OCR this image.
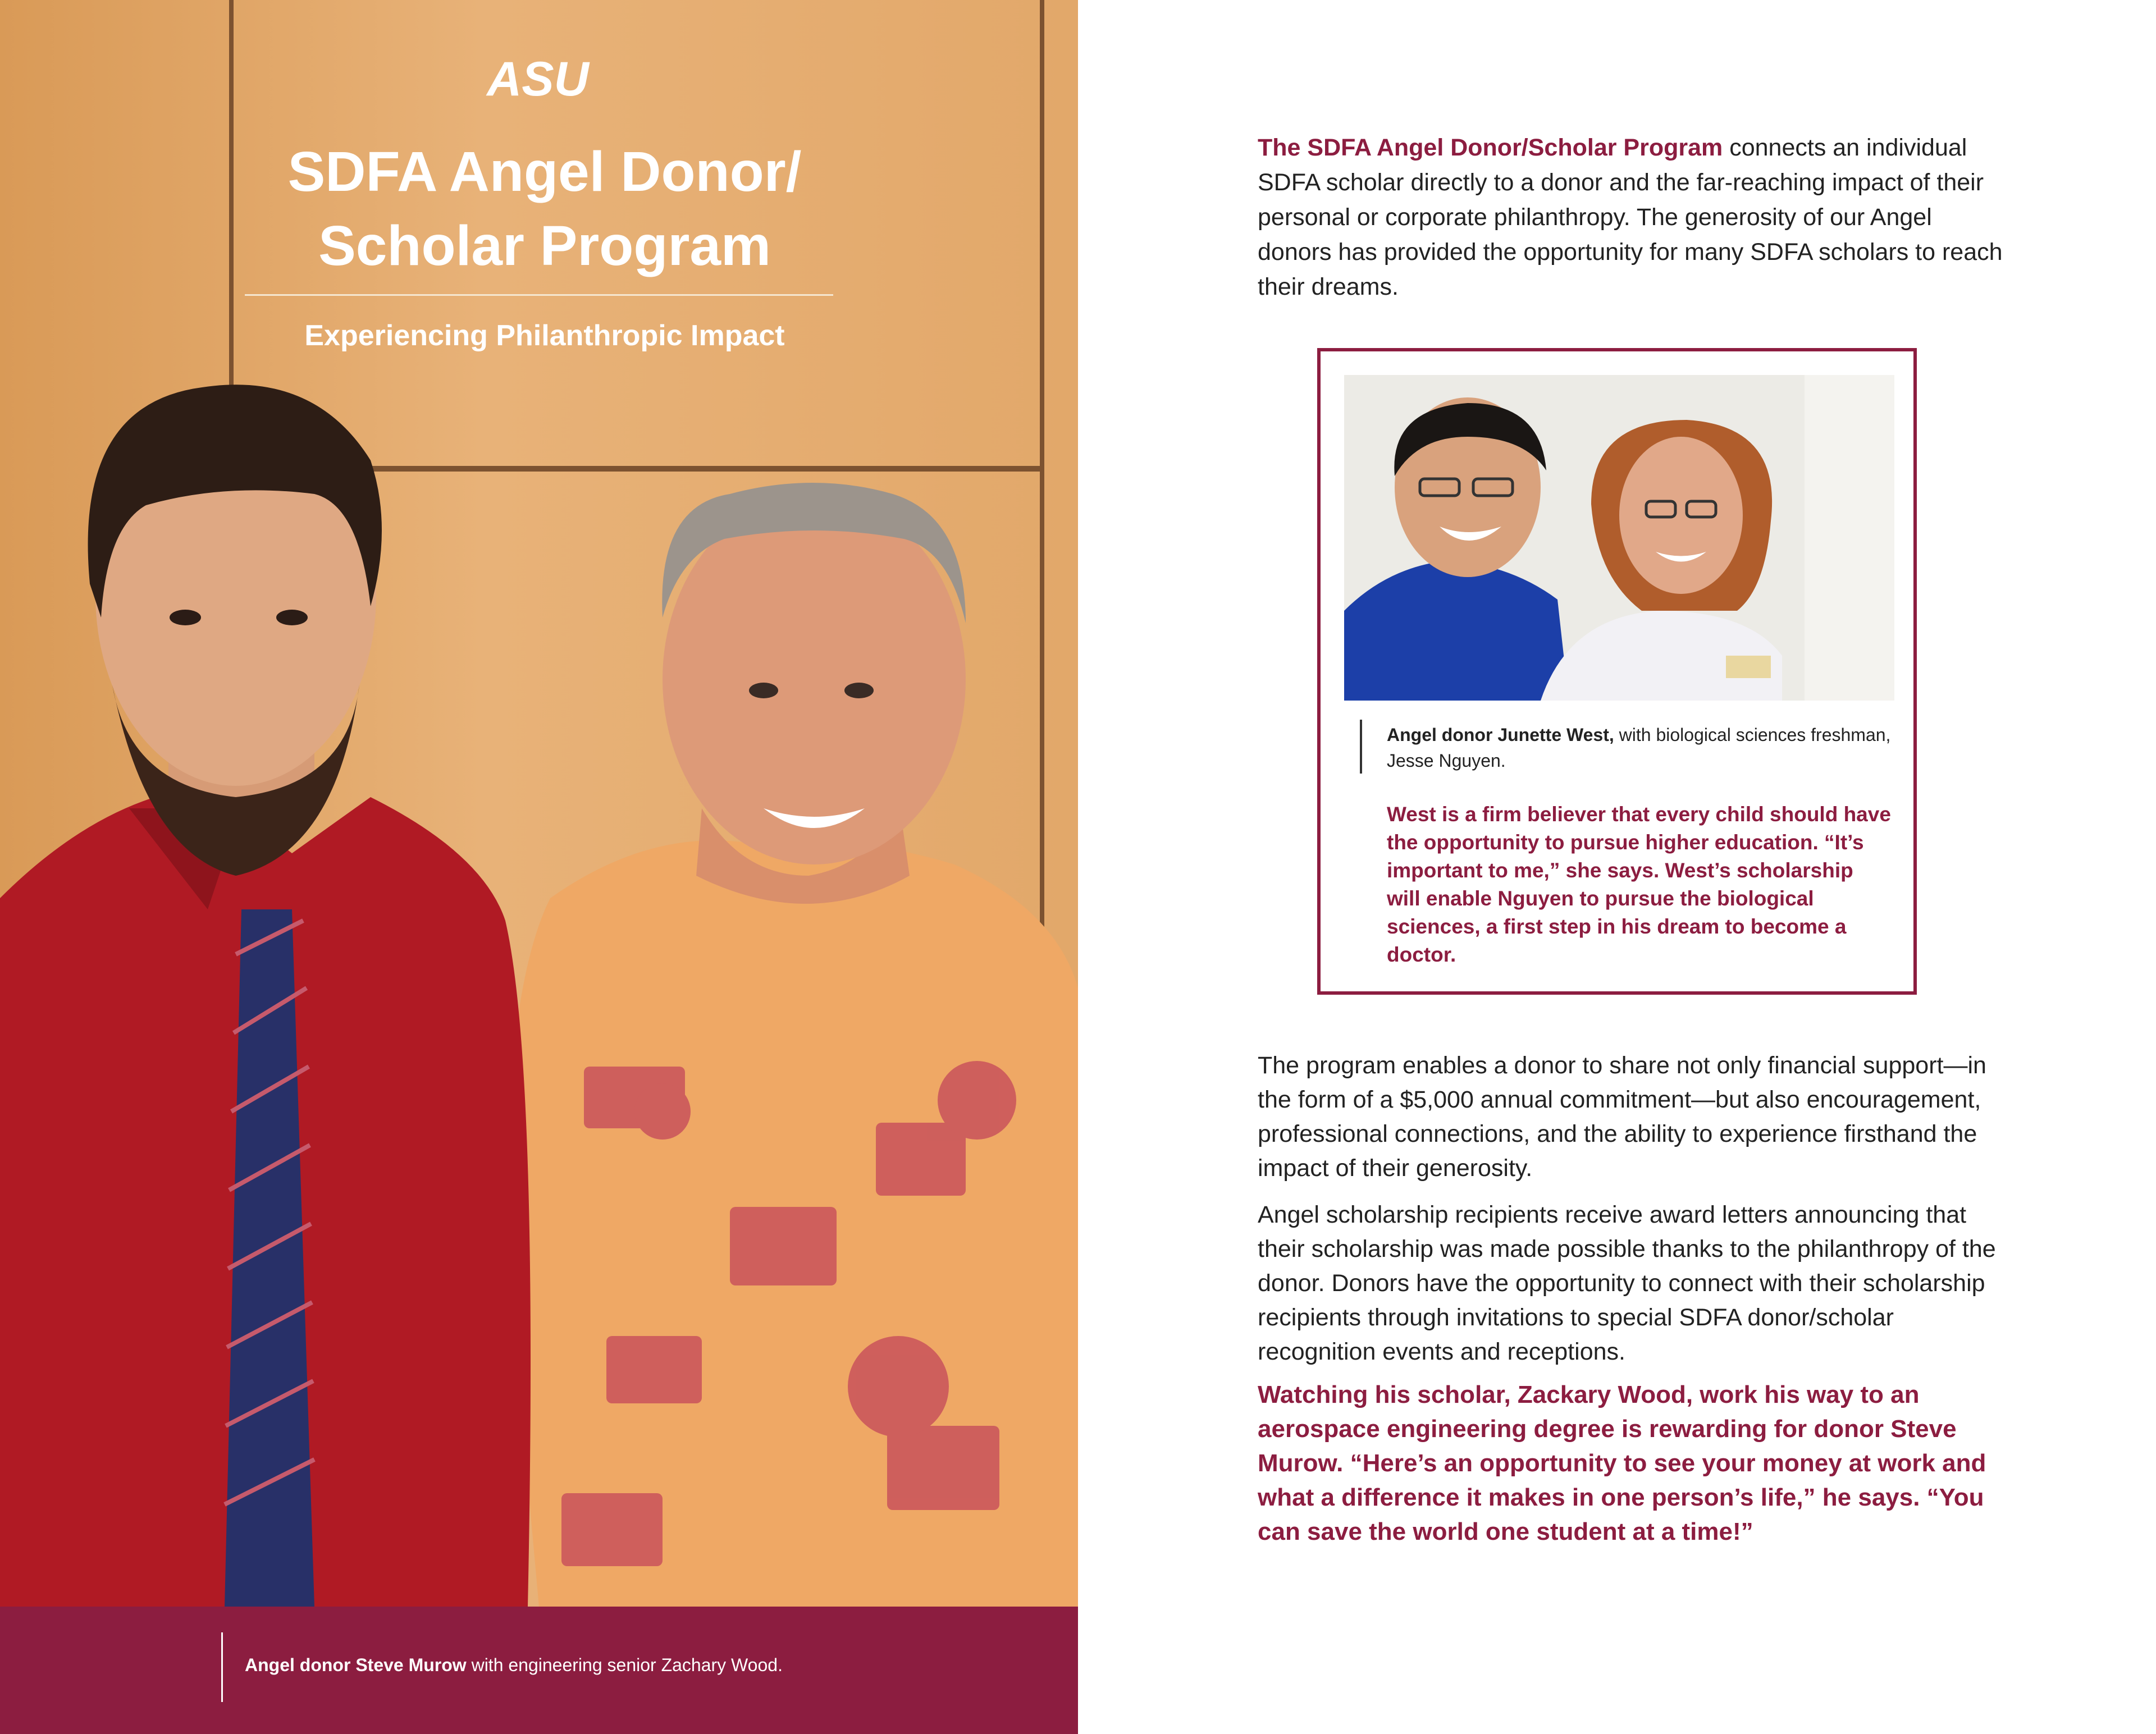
ASU
SDFA Angel Donor/
Scholar Program

Experiencing Philanthropic Impact

Angel donor Steve Murow with engineering senior Zachary Wood.

The SDFA Angel Donor/Scholar Program connects an individual SDFA scholar directly to a donor and the far-reaching impact of their personal or corporate philanthropy. The generosity of our Angel donors has provided the opportunity for many SDFA scholars to reach their dreams.

Angel donor Junette West, with biological sciences freshman, Jesse Nguyen.

West is a firm believer that every child should have the opportunity to pursue higher education. “It’s important to me,” she says. West’s scholarship will enable Nguyen to pursue the biological sciences, a first step in his dream to become a doctor.

The program enables a donor to share not only financial support—in the form of a $5,000 annual commitment—but also encouragement, professional connections, and the ability to experience firsthand the impact of their generosity.

Angel scholarship recipients receive award letters announcing that their scholarship was made possible thanks to the philanthropy of the donor. Donors have the opportunity to connect with their scholarship recipients through invitations to special SDFA donor/scholar recognition events and receptions.

Watching his scholar, Zackary Wood, work his way to an aerospace engineering degree is rewarding for donor Steve Murow. “Here’s an opportunity to see your money at work and what a difference it makes in one person’s life,” he says. “You can save the world one student at a time!”
